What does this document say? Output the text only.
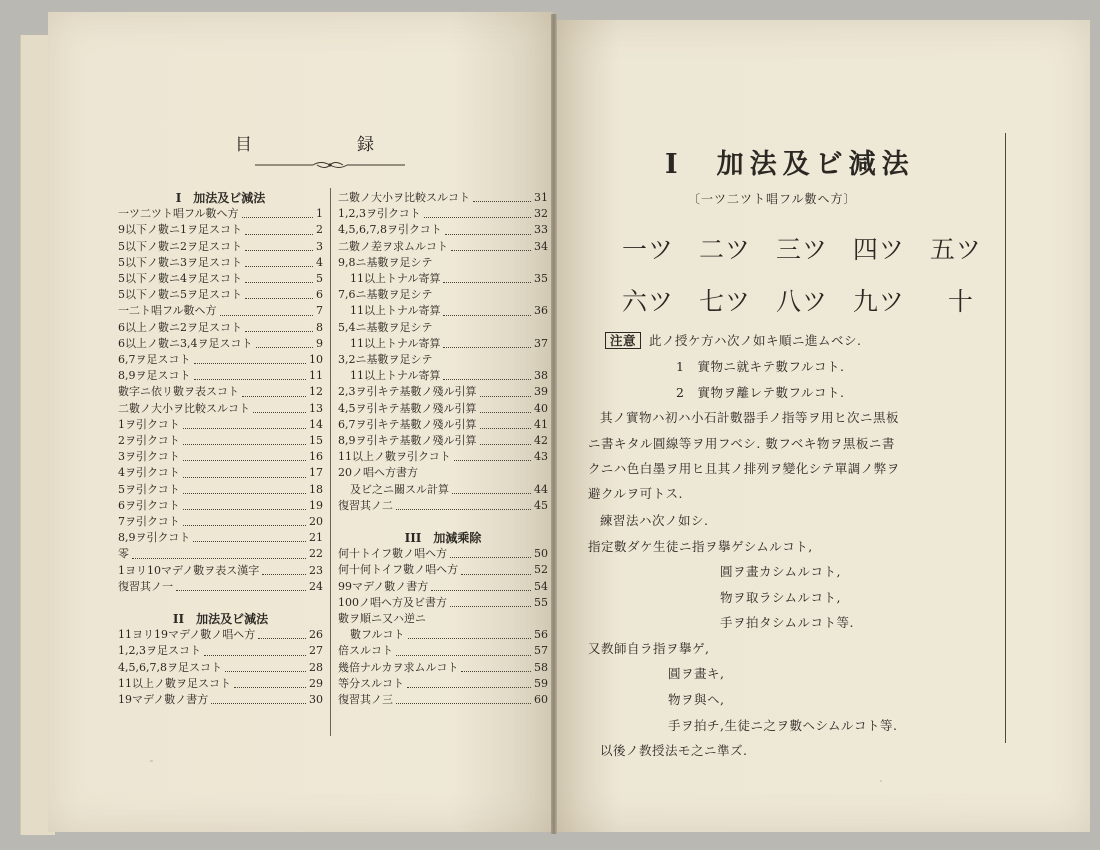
目　録
I　加法及ビ減法
一ツ二ツト唱フル數ヘ方	1
9以下ノ數ニ1ヲ足スコト	2
5以下ノ數ニ2ヲ足スコト	3
5以下ノ數ニ3ヲ足スコト	4
5以下ノ數ニ4ヲ足スコト	5
5以下ノ數ニ5ヲ足スコト	6
一二ト唱フル數ヘ方	7
6以上ノ數ニ2ヲ足スコト	8
6以上ノ數ニ3,4ヲ足スコト	9
6,7ヲ足スコト	10
8,9ヲ足スコト	11
數字ニ依リ數ヲ表スコト	12
二數ノ大小ヲ比較スルコト	13
1ヲ引クコト	14
2ヲ引クコト	15
3ヲ引クコト	16
4ヲ引クコト	17
5ヲ引クコト	18
6ヲ引クコト	19
7ヲ引クコト	20
8,9ヲ引クコト	21
零	22
1ヨリ10マデノ數ヲ表ス漢字	23
復習其ノ一	24
II　加法及ビ減法
11ヨリ19マデノ數ノ唱ヘ方	26
1,2,3ヲ足スコト	27
4,5,6,7,8ヲ足スコト	28
11以上ノ數ヲ足スコト	29
19マデノ數ノ書方	30
二數ノ大小ヲ比較スルコト	31
1,2,3ヲ引クコト	32
4,5,6,7,8ヲ引クコト	33
二數ノ差ヲ求ムルコト	34
9,8ニ基數ヲ足シテ
11以上トナル寄算	35
7,6ニ基數ヲ足シテ
11以上トナル寄算	36
5,4ニ基數ヲ足シテ
11以上トナル寄算	37
3,2ニ基數ヲ足シテ
11以上トナル寄算	38
2,3ヲ引キテ基數ノ殘ル引算	39
4,5ヲ引キテ基數ノ殘ル引算	40
6,7ヲ引キテ基數ノ殘ル引算	41
8,9ヲ引キテ基數ノ殘ル引算	42
11以上ノ數ヲ引クコト	43
20ノ唱ヘ方書方
及ビ之ニ關スル計算	44
復習其ノ二	45
III　加減乘除
何十トイフ數ノ唱ヘ方	50
何十何トイフ數ノ唱ヘ方	52
99マデノ數ノ書方	54
100ノ唱ヘ方及ビ書方	55
數ヲ順ニ又ハ逆ニ
數フルコト	56
倍スルコト	57
幾倍ナルカヲ求ムルコト	58
等分スルコト	59
復習其ノ三	60
I　加法及ビ減法
〔一ツ二ツト唱フル數ヘ方〕
一ツ 二ツ 三ツ 四ツ 五ツ
六ツ 七ツ 八ツ 九ツ 十
注意 此ノ授ケ方ハ次ノ如キ順ニ進ムベシ.
1　實物ニ就キテ數フルコト.
2　實物ヲ離レテ數フルコト.
其ノ實物ハ初ハ小石計數器手ノ指等ヲ用ヒ次ニ黒板
ニ書キタル圓線等ヲ用フベシ. 數フベキ物ヲ黒板ニ書
クニハ色白墨ヲ用ヒ且其ノ排列ヲ變化シテ單調ノ弊ヲ
避クルヲ可トス.
練習法ハ次ノ如シ.
指定數ダケ生徒ニ指ヲ擧ゲシムルコト,
圓ヲ畫カシムルコト,
物ヲ取ラシムルコト,
手ヲ拍タシムルコト等.
又教師自ラ指ヲ擧ゲ,
圓ヲ畫キ,
物ヲ與ヘ,
手ヲ拍チ,生徒ニ之ヲ數ヘシムルコト等.
以後ノ教授法モ之ニ準ズ.
